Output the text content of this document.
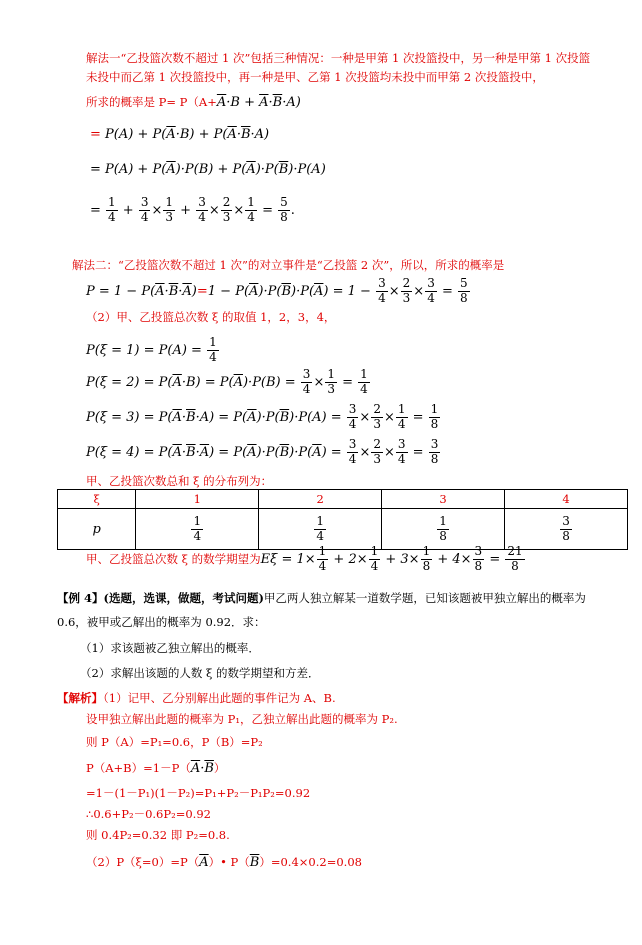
解法一“乙投篮次数不超过 1 次”包括三种情况：一种是甲第 1 次投篮投中，另一种是甲第 1 次投篮
未投中而乙第 1 次投篮投中，再一种是甲、乙第 1 次投篮均未投中而甲第 2 次投篮投中，
所求的概率是 $P= P(A+\overline{A}\cdot B + \overline{A}\cdot\overline{B}\cdot A)$
= $P(A) + P(\overline{A}\cdot B) + P(\overline{A}\cdot\overline{B}\cdot A)$
= $P(A) + P(\overline{A})\cdot P(B) + P(\overline{A})\cdot P(\overline{B})\cdot P(A)$
= $\frac{1}{4} + \frac{3}{4} \times \frac{1}{3} + \frac{3}{4} \times \frac{2}{3} \times \frac{1}{4} = \frac{5}{8}$ .
解法二：“乙投篮次数不超过 1 次”的对立事件是“乙投篮 2 次”，所以，所求的概率是
$P = 1 - P(\overline{A}\cdot\overline{B}\cdot\overline{A})=1 - P(\overline{A})\cdot P(\overline{B})\cdot P(\overline{A}) = 1 - \frac{3}{4} \times \frac{2}{3} \times \frac{3}{4} = \frac{5}{8}$
（2）甲、乙投篮总次数 ξ 的取值 1，2，3，4，
$P(\xi = 1) = P(A) = \frac{1}{4}$
$P(\xi = 2) = P(\overline{A}\cdot B) = P(\overline{A})\cdot P(B) = \frac{3}{4} \times \frac{1}{3} = \frac{1}{4}$
$P(\xi = 3) = P(\overline{A}\cdot\overline{B}\cdot A) = P(\overline{A})\cdot P(\overline{B})\cdot P(A) = \frac{3}{4} \times \frac{2}{3} \times \frac{1}{4} = \frac{1}{8}$
$P(\xi = 4) = P(\overline{A}\cdot\overline{B}\cdot\overline{A}) = P(\overline{A})\cdot P(\overline{B})\cdot P(\overline{A}) = \frac{3}{4} \times \frac{2}{3} \times \frac{3}{4} = \frac{3}{8}$
甲、乙投篮次数总和 ξ 的分布列为：
ξ	1	2	3	4
p	$\frac{1}{4}$	$\frac{1}{4}$	$\frac{1}{8}$	$\frac{3}{8}$
甲、乙投篮总次数 ξ 的数学期望为$E\xi = 1\times \frac{1}{4} + 2\times \frac{1}{4} + 3\times \frac{1}{8} + 4\times \frac{3}{8} = \frac{21}{8}$
【例 4】(选题，选课，做题，考试问题)甲乙两人独立解某一道数学题，已知该题被甲独立解出的概率为
0.6，被甲或乙解出的概率为 0.92．求：
（1）求该题被乙独立解出的概率．
（2）求解出该题的人数 ξ 的数学期望和方差．
【解析】（1）记甲、乙分别解出此题的事件记为 A、B.
设甲独立解出此题的概率为 P₁，乙独立解出此题的概率为 P₂.
则 P（A）=P₁=0.6，P（B）=P₂
$P(A+B)=1-P(\overline{A}\cdot\overline{B})$
=1－(1－P₁)(1－P₂)=P₁+P₂－P₁P₂=0.92
∴0.6+P₂－0.6P₂=0.92
则 0.4P₂=0.32 即 P₂=0.8.
$(2)P(\xi=0)=P(\overline{A})•$ $P(\overline{B})=0.4\times 0.2=0.08$
